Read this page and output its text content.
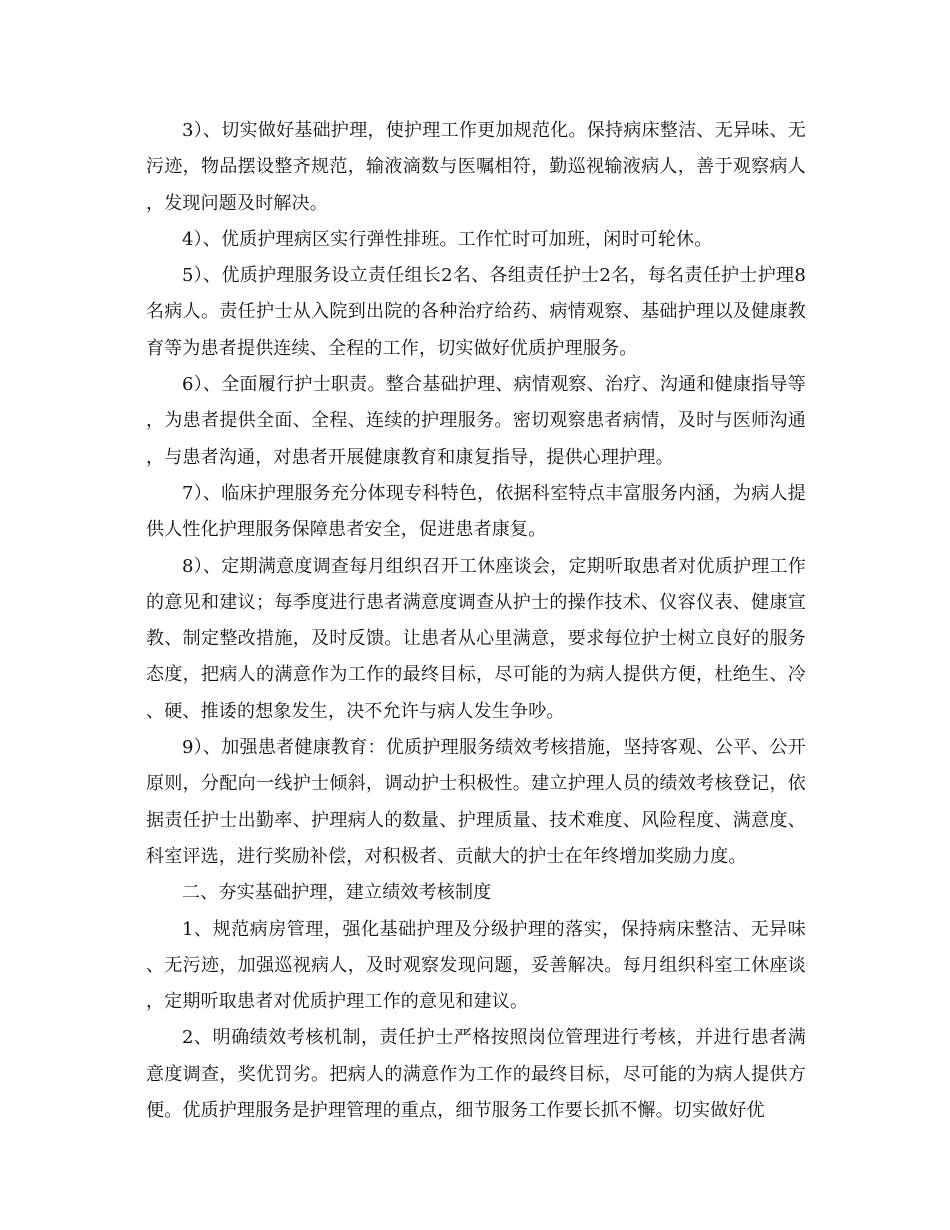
3）、切实做好基础护理，使护理工作更加规范化。保持病床整洁、无异味、无污迹，物品摆设整齐规范，输液滴数与医嘱相符，勤巡视输液病人，善于观察病人，发现问题及时解决。

4）、优质护理病区实行弹性排班。工作忙时可加班，闲时可轮休。

5）、优质护理服务设立责任组长2名、各组责任护士2名，每名责任护士护理8名病人。责任护士从入院到出院的各种治疗给药、病情观察、基础护理以及健康教育等为患者提供连续、全程的工作，切实做好优质护理服务。

6）、全面履行护士职责。整合基础护理、病情观察、治疗、沟通和健康指导等，为患者提供全面、全程、连续的护理服务。密切观察患者病情，及时与医师沟通，与患者沟通，对患者开展健康教育和康复指导，提供心理护理。

7）、临床护理服务充分体现专科特色，依据科室特点丰富服务内涵，为病人提供人性化护理服务保障患者安全，促进患者康复。

8）、定期满意度调查每月组织召开工休座谈会，定期听取患者对优质护理工作的意见和建议；每季度进行患者满意度调查从护士的操作技术、仪容仪表、健康宣教、制定整改措施，及时反馈。让患者从心里满意，要求每位护士树立良好的服务态度，把病人的满意作为工作的最终目标，尽可能的为病人提供方便，杜绝生、冷、硬、推诿的想象发生，决不允许与病人发生争吵。

9）、加强患者健康教育：优质护理服务绩效考核措施，坚持客观、公平、公开原则，分配向一线护士倾斜，调动护士积极性。建立护理人员的绩效考核登记，依据责任护士出勤率、护理病人的数量、护理质量、技术难度、风险程度、满意度、科室评选，进行奖励补偿，对积极者、贡献大的护士在年终增加奖励力度。

二、夯实基础护理，建立绩效考核制度

1、规范病房管理，强化基础护理及分级护理的落实，保持病床整洁、无异味、无污迹，加强巡视病人，及时观察发现问题，妥善解决。每月组织科室工休座谈，定期听取患者对优质护理工作的意见和建议。

2、明确绩效考核机制，责任护士严格按照岗位管理进行考核，并进行患者满意度调查，奖优罚劣。把病人的满意作为工作的最终目标，尽可能的为病人提供方便。优质护理服务是护理管理的重点，细节服务工作要长抓不懈。切实做好优
